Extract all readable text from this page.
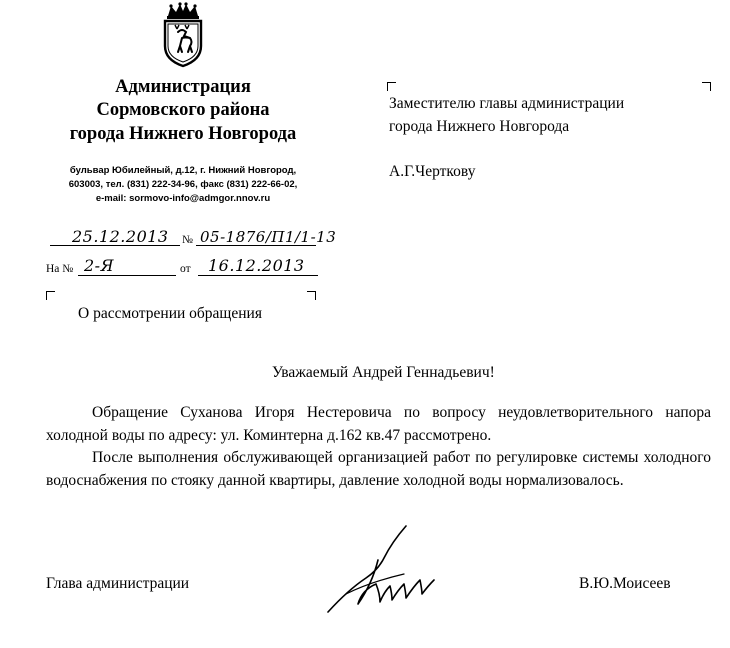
Администрация
Сормовского района
города Нижнего Новгорода
бульвар Юбилейный, д.12, г. Нижний Новгород,
603003, тел. (831) 222-34-96, факс (831) 222-66-02,
e-mail: sormovo-info@admgor.nnov.ru
Заместителю главы администрации
города Нижнего Новгорода
А.Г.Черткову
25.12.2013 № 05-1876/П1/1-13
На № 2-Я	от 16.12.2013
О рассмотрении обращения
Уважаемый Андрей Геннадьевич!
Обращение Суханова Игоря Нестеровича по вопросу неудовлетворительного напора холодной воды по адресу: ул. Коминтерна д.162 кв.47 рассмотрено.
После выполнения обслуживающей организацией работ по регулировке системы холодного водоснабжения по стояку данной квартиры, давление холодной воды нормализовалось.
Глава администрации	В.Ю.Моисеев
